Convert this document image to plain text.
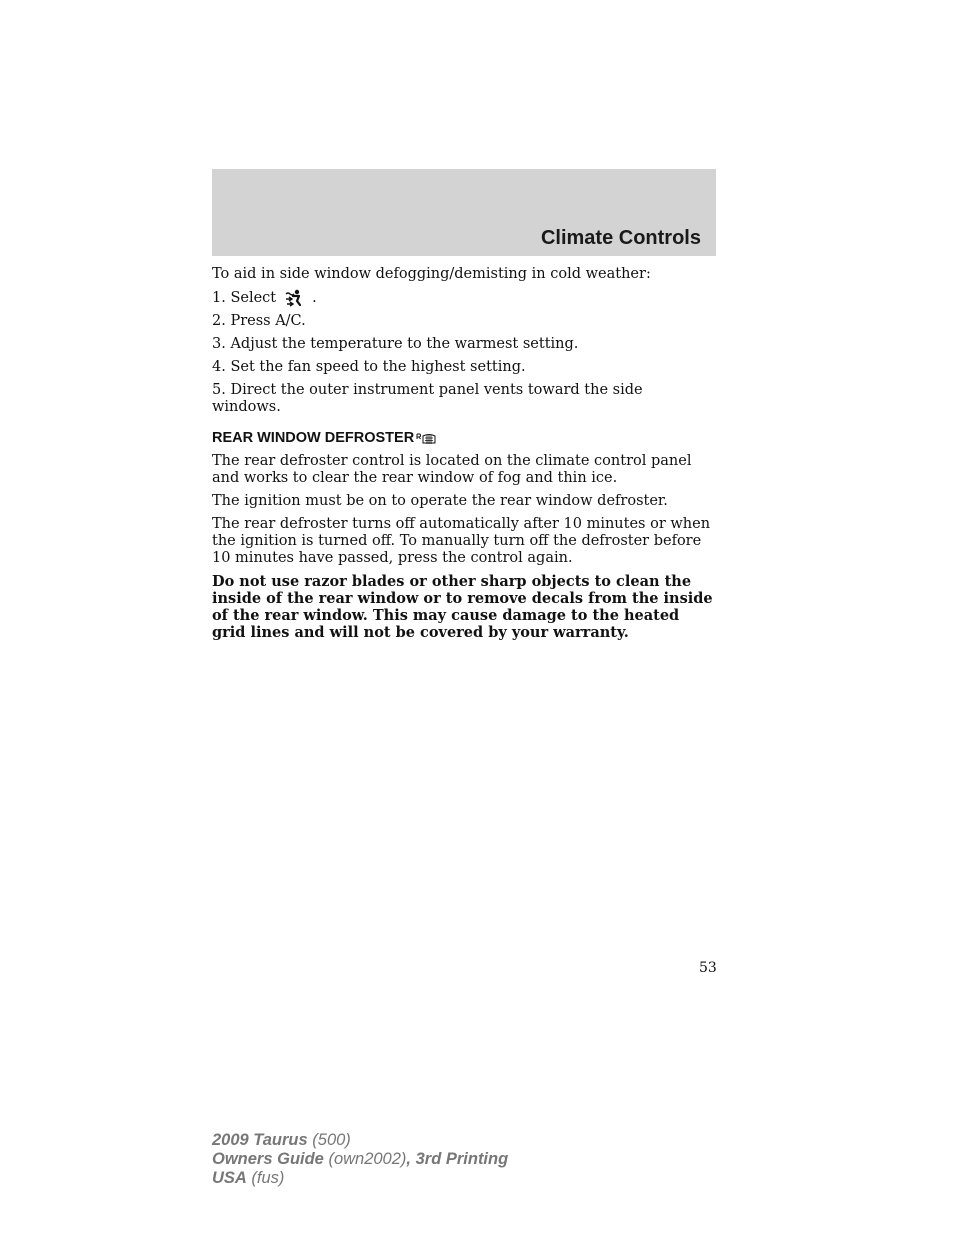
Climate Controls

To aid in side window defogging/demisting in cold weather:

1. Select .

2. Press A/C.

3. Adjust the temperature to the warmest setting.

4. Set the fan speed to the highest setting.

5. Direct the outer instrument panel vents toward the side windows.

REAR WINDOW DEFROSTER

The rear defroster control is located on the climate control panel and works to clear the rear window of fog and thin ice.

The ignition must be on to operate the rear window defroster.

The rear defroster turns off automatically after 10 minutes or when the ignition is turned off. To manually turn off the defroster before 10 minutes have passed, press the control again.

Do not use razor blades or other sharp objects to clean the inside of the rear window or to remove decals from the inside of the rear window. This may cause damage to the heated grid lines and will not be covered by your warranty.

53
2009 Taurus (500)
Owners Guide (own2002), 3rd Printing
USA (fus)
